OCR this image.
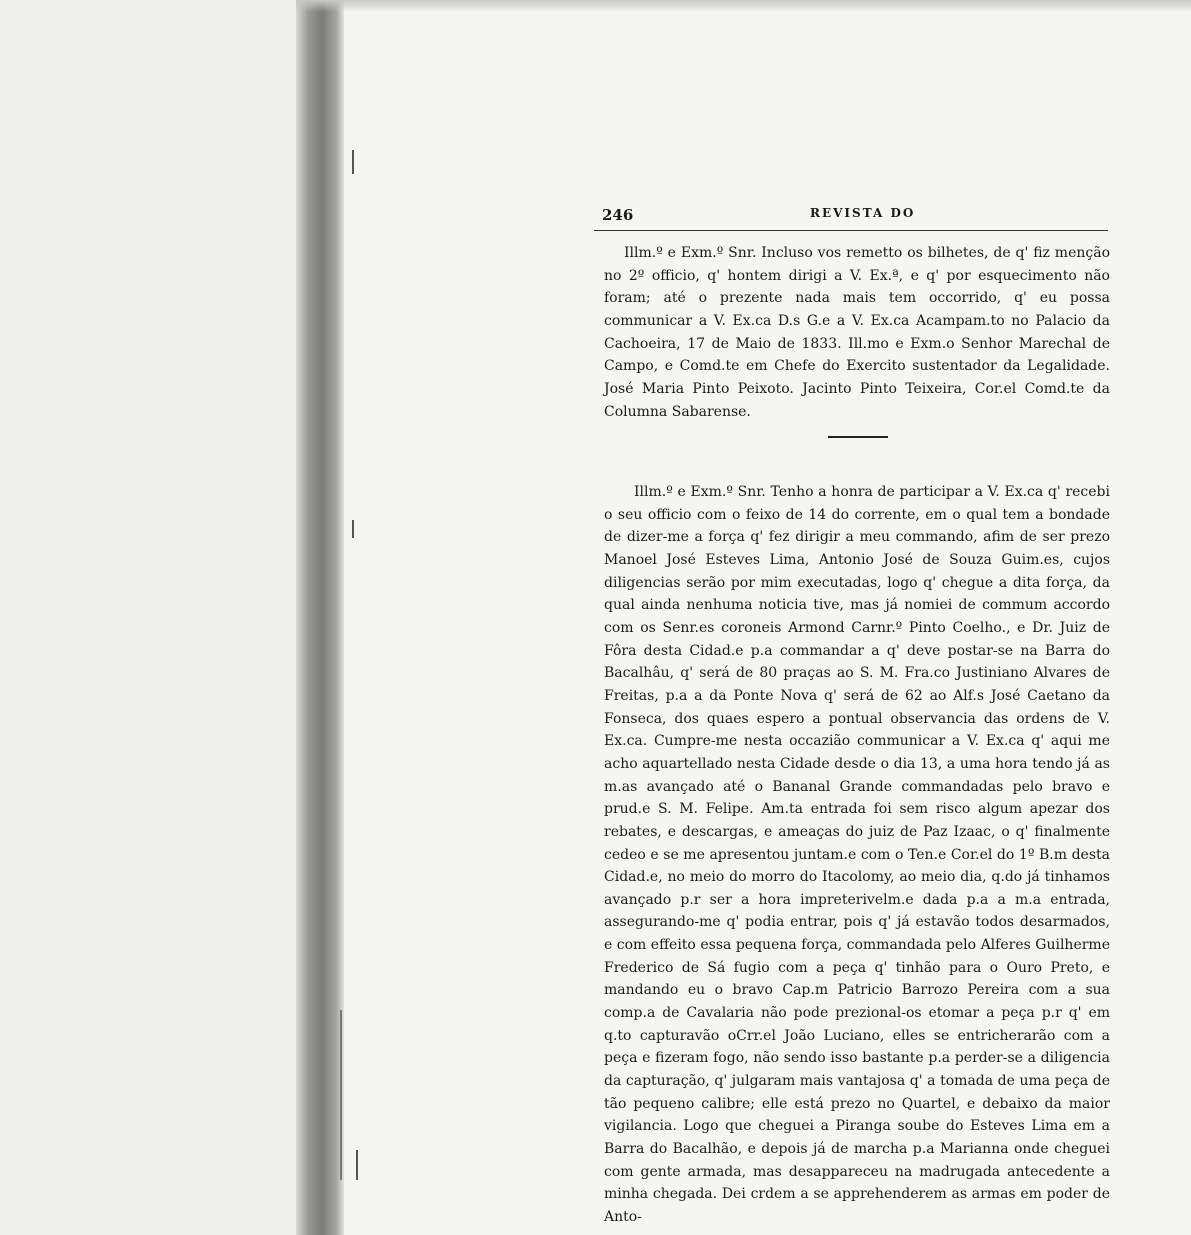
246	REVISTA DO

Illm.º e Exm.º Snr. Incluso vos remetto os bilhetes, de q' fiz menção no 2º officio, q' hontem dirigi a V. Ex.ª, e q' por esquecimento não foram; até o prezente nada mais tem occorrido, q' eu possa communicar a V. Ex.ca D.s G.e a V. Ex.ca Acampam.to no Palacio da Cachoeira, 17 de Maio de 1833. Ill.mo e Exm.o Senhor Marechal de Campo, e Comd.te em Chefe do Exercito sustentador da Legalidade. José Maria Pinto Peixoto. Jacinto Pinto Teixeira, Cor.el Comd.te da Columna Sabarense.

Illm.º e Exm.º Snr. Tenho a honra de participar a V. Ex.ca q' recebi o seu officio com o feixo de 14 do corrente, em o qual tem a bondade de dizer-me a força q' fez dirigir a meu commando, afim de ser prezo Manoel José Esteves Lima, Antonio José de Souza Guim.es, cujos diligencias serão por mim executadas, logo q' chegue a dita força, da qual ainda nenhuma noticia tive, mas já nomiei de commum accordo com os Senr.es coroneis Armond Carnr.º Pinto Coelho., e Dr. Juiz de Fôra desta Cidad.e p.a commandar a q' deve postar-se na Barra do Bacalhâu, q' será de 80 praças ao S. M. Fra.co Justiniano Alvares de Freitas, p.a a da Ponte Nova q' será de 62 ao Alf.s José Caetano da Fonseca, dos quaes espero a pontual observancia das ordens de V. Ex.ca. Cumpre-me nesta occazião communicar a V. Ex.ca q' aqui me acho aquartellado nesta Cidade desde o dia 13, a uma hora tendo já as m.as avançado até o Bananal Grande commandadas pelo bravo e prud.e S. M. Felipe. Am.ta entrada foi sem risco algum apezar dos rebates, e descargas, e ameaças do juiz de Paz Izaac, o q' finalmente cedeo e se me apresentou juntam.e com o Ten.e Cor.el do 1º B.m desta Cidad.e, no meio do morro do Itacolomy, ao meio dia, q.do já tinhamos avançado p.r ser a hora impreterivelm.e dada p.a a m.a entrada, assegurando-me q' podia entrar, pois q' já estavão todos desarmados, e com effeito essa pequena força, commandada pelo Alferes Guilherme Frederico de Sá fugio com a peça q' tinhão para o Ouro Preto, e mandando eu o bravo Cap.m Patricio Barrozo Pereira com a sua comp.a de Cavalaria não pode prezional-os etomar a peça p.r q' em q.to capturavão oCrr.el João Luciano, elles se entricherarão com a peça e fizeram fogo, não sendo isso bastante p.a perder-se a diligencia da capturação, q' julgaram mais vantajosa q' a tomada de uma peça de tão pequeno calibre; elle está prezo no Quartel, e debaixo da maior vigilancia. Logo que cheguei a Piranga soube do Esteves Lima em a Barra do Bacalhão, e depois já de marcha p.a Marianna onde cheguei com gente armada, mas desappareceu na madrugada antecedente a minha chegada. Dei crdem a se apprehenderem as armas em poder de Anto-
